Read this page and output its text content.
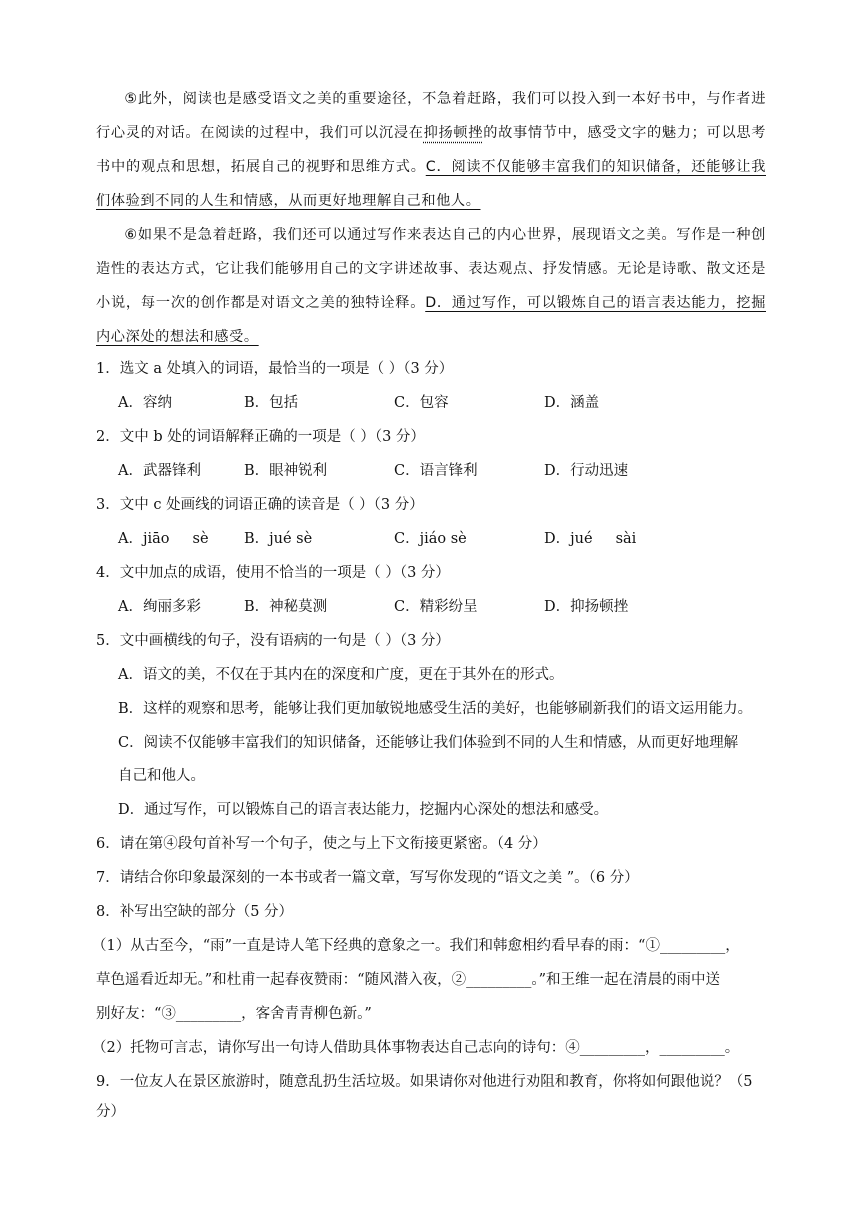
⑤此外，阅读也是感受语文之美的重要途径，不急着赶路，我们可以投入到一本好书中，与作者进行心灵的对话。在阅读的过程中，我们可以沉浸在抑扬顿挫的故事情节中，感受文字的魅力；可以思考书中的观点和思想，拓展自己的视野和思维方式。C．阅读不仅能够丰富我们的知识储备，还能够让我们体验到不同的人生和情感，从而更好地理解自己和他人。
⑥如果不是急着赶路，我们还可以通过写作来表达自己的内心世界，展现语文之美。写作是一种创造性的表达方式，它让我们能够用自己的文字讲述故事、表达观点、抒发情感。无论是诗歌、散文还是小说，每一次的创作都是对语文之美的独特诠释。D．通过写作，可以锻炼自己的语言表达能力，挖掘内心深处的想法和感受。
1．选文 a 处填入的词语，最恰当的一项是（ ）（3 分）
A．容纳	B．包括	C．包容	D．涵盖
2．文中 b 处的词语解释正确的一项是（ ）（3 分）
A．武器锋利	B．眼神锐利	C．语言锋利	D．行动迅速
3．文中 c 处画线的词语正确的读音是（ ）（3 分）
A．jiāo     sè B．jué sè	C．jiáo sè	D．jué     sài
4．文中加点的成语，使用不恰当的一项是（ ）（3 分）
A．绚丽多彩	B．神秘莫测	C．精彩纷呈	D．抑扬顿挫
5．文中画横线的句子，没有语病的一句是（ ）（3 分）
A．语文的美，不仅在于其内在的深度和广度，更在于其外在的形式。
B．这样的观察和思考，能够让我们更加敏锐地感受生活的美好，也能够刷新我们的语文运用能力。
C．阅读不仅能够丰富我们的知识储备，还能够让我们体验到不同的人生和情感，从而更好地理解
自己和他人。
D．通过写作，可以锻炼自己的语言表达能力，挖掘内心深处的想法和感受。
6．请在第④段句首补写一个句子，使之与上下文衔接更紧密。（4 分）
7．请结合你印象最深刻的一本书或者一篇文章，写写你发现的“语文之美 ”。（6 分）
8．补写出空缺的部分（5 分）
（1）从古至今，“雨”一直是诗人笔下经典的意象之一。我们和韩愈相约看早春的雨：“①_________，
草色遥看近却无。”和杜甫一起春夜赞雨：“随风潜入夜，②_________。”和王维一起在清晨的雨中送
别好友：“③_________，客舍青青柳色新。”
（2）托物可言志，请你写出一句诗人借助具体事物表达自己志向的诗句：④_________，_________。
9．一位友人在景区旅游时，随意乱扔生活垃圾。如果请你对他进行劝阻和教育，你将如何跟他说？（5
分）
